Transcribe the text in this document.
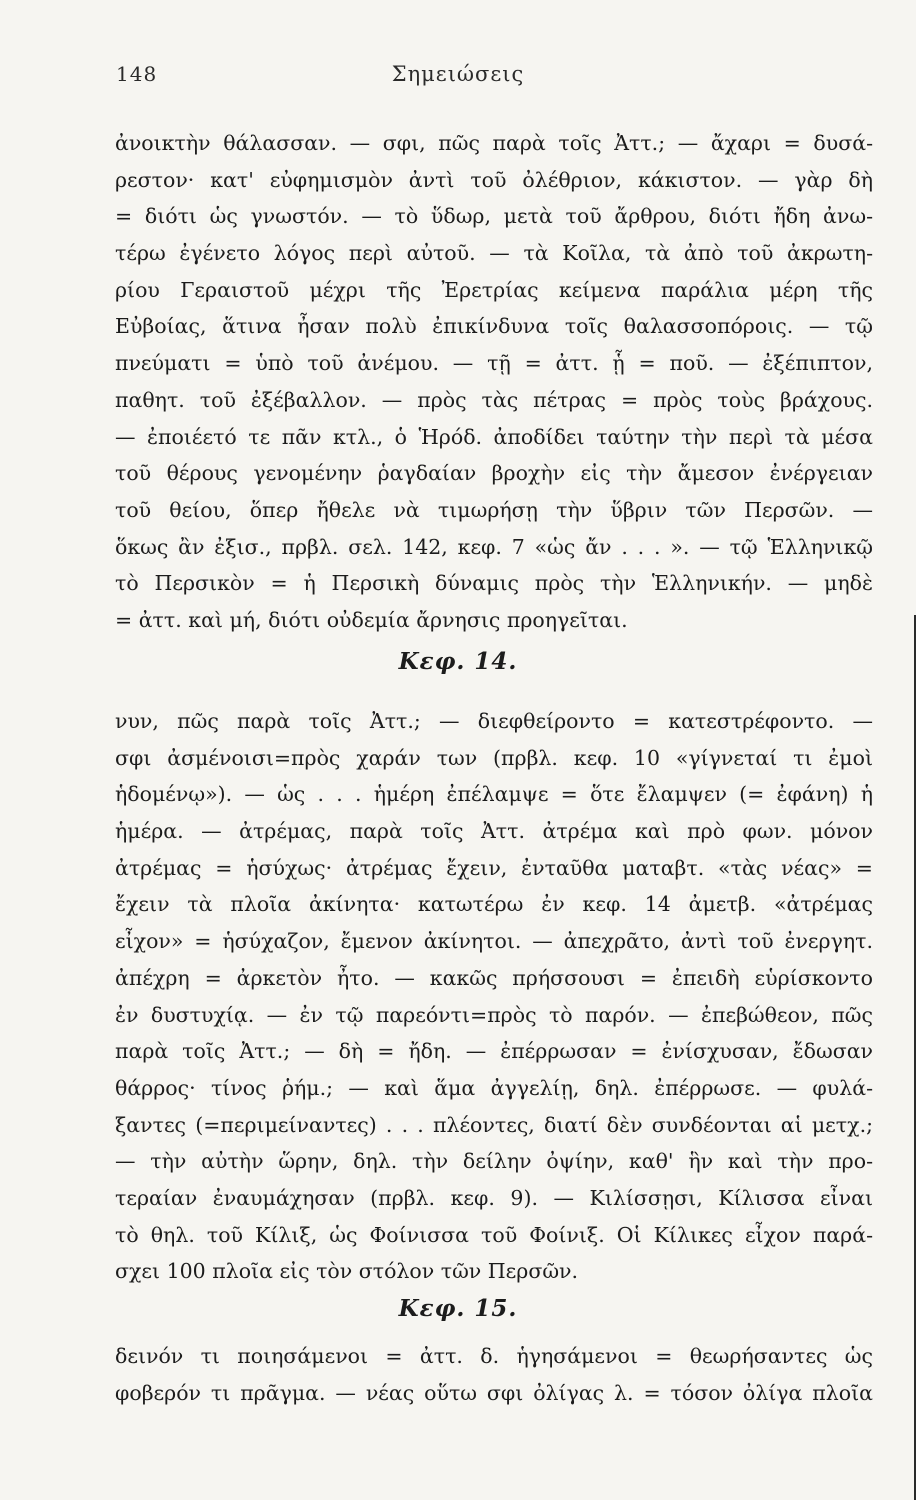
148	Σημειώσεις
ἀνοικτὴν θάλασσαν. — σφι, πῶς παρὰ τοῖς Ἀττ.; — ἄχαρι = δυσά-
ρεστον· κατ' εὐφημισμὸν ἀντὶ τοῦ ὀλέθριον, κάκιστον. — γὰρ δὴ
= διότι ὡς γνωστόν. — τὸ ὕδωρ, μετὰ τοῦ ἄρθρου, διότι ἤδη ἀνω-
τέρω ἐγένετο λόγος περὶ αὐτοῦ. — τὰ Κοῖλα, τὰ ἀπὸ τοῦ ἀκρωτη-
ρίου Γεραιστοῦ μέχρι τῆς Ἐρετρίας κείμενα παράλια μέρη τῆς
Εὐβοίας, ἅτινα ἦσαν πολὺ ἐπικίνδυνα τοῖς θαλασσοπόροις. — τῷ
πνεύματι = ὑπὸ τοῦ ἀνέμου. — τῇ = ἀττ. ᾗ = ποῦ. — ἐξέπιπτον,
παθητ. τοῦ ἐξέβαλλον. — πρὸς τὰς πέτρας = πρὸς τοὺς βράχους.
— ἐποιέετό τε πᾶν κτλ., ὁ Ἡρόδ. ἀποδίδει ταύτην τὴν περὶ τὰ μέσα
τοῦ θέρους γενομένην ῥαγδαίαν βροχὴν εἰς τὴν ἄμεσον ἐνέργειαν
τοῦ θείου, ὅπερ ἤθελε νὰ τιμωρήσῃ τὴν ὕβριν τῶν Περσῶν. —
ὅκως ἂν ἐξισ., πρβλ. σελ. 142, κεφ. 7 «ὡς ἄν . . . ». — τῷ Ἑλληνικῷ
τὸ Περσικὸν = ἡ Περσικὴ δύναμις πρὸς τὴν Ἑλληνικήν. — μηδὲ
= ἀττ. καὶ μή, διότι οὐδεμία ἄρνησις προηγεῖται.
Κεφ. 14.
νυν, πῶς παρὰ τοῖς Ἀττ.; — διεφθείροντο = κατεστρέφοντο. —
σφι ἀσμένοισι=πρὸς χαράν των (πρβλ. κεφ. 10 «γίγνεταί τι ἐμοὶ
ἡδομένῳ»). — ὡς . . . ἡμέρη ἐπέλαμψε = ὅτε ἔλαμψεν (= ἐφάνη) ἡ
ἡμέρα. — ἀτρέμας, παρὰ τοῖς Ἀττ. ἀτρέμα καὶ πρὸ φων. μόνον
ἀτρέμας = ἡσύχως· ἀτρέμας ἔχειν, ἐνταῦθα ματαβτ. «τὰς νέας» =
ἔχειν τὰ πλοῖα ἀκίνητα· κατωτέρω ἐν κεφ. 14 ἀμετβ. «ἀτρέμας
εἶχον» = ἡσύχαζον, ἔμενον ἀκίνητοι. — ἀπεχρᾶτο, ἀντὶ τοῦ ἐνεργητ.
ἀπέχρη = ἀρκετὸν ἦτο. — κακῶς πρήσσουσι = ἐπειδὴ εὑρίσκοντο
ἐν δυστυχίᾳ. — ἐν τῷ παρεόντι=πρὸς τὸ παρόν. — ἐπεβώθεον, πῶς
παρὰ τοῖς Ἀττ.; — δὴ = ἤδη. — ἐπέρρωσαν = ἐνίσχυσαν, ἔδωσαν
θάρρος· τίνος ῥήμ.; — καὶ ἅμα ἀγγελίῃ, δηλ. ἐπέρρωσε. — φυλά-
ξαντες (=περιμείναντες) . . . πλέοντες, διατί δὲν συνδέονται αἱ μετχ.;
— τὴν αὐτὴν ὥρην, δηλ. τὴν δείλην ὀψίην, καθ' ἣν καὶ τὴν προ-
τεραίαν ἐναυμάχησαν (πρβλ. κεφ. 9). — Κιλίσσῃσι, Κίλισσα εἶναι
τὸ θηλ. τοῦ Κίλιξ, ὡς Φοίνισσα τοῦ Φοίνιξ. Οἱ Κίλικες εἶχον παρά-
σχει 100 πλοῖα εἰς τὸν στόλον τῶν Περσῶν.
Κεφ. 15.
δεινόν τι ποιησάμενοι = ἀττ. δ. ἡγησάμενοι = θεωρήσαντες ὡς
φοβερόν τι πρᾶγμα. — νέας οὕτω σφι ὀλίγας λ. = τόσον ὀλίγα πλοῖα
